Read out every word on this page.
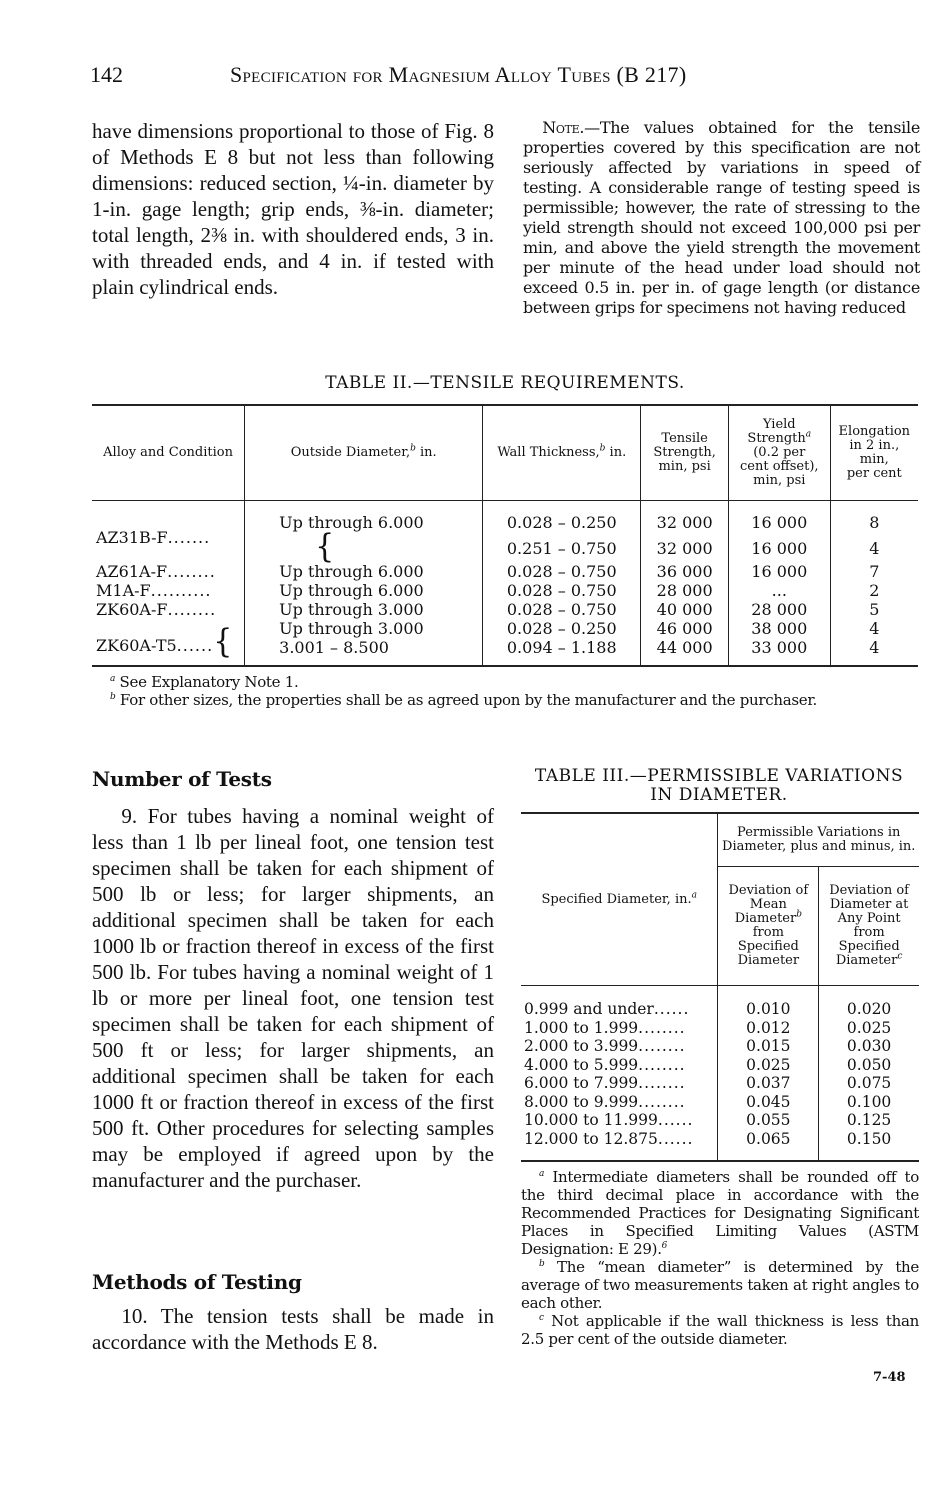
142	Specification for Magnesium Alloy Tubes (B 217)
have dimensions proportional to those of Fig. 8 of Methods E 8 but not less than following dimensions: reduced section, ¼-in. diameter by 1-in. gage length; grip ends, ⅜-in. diameter; total length, 2⅜ in. with shouldered ends, 3 in. with threaded ends, and 4 in. if tested with plain cylindrical ends.
Note.—The values obtained for the tensile properties covered by this specification are not seriously affected by variations in speed of testing. A considerable range of testing speed is permissible; however, the rate of stressing to the yield strength should not exceed 100,000 psi per min, and above the yield strength the movement per minute of the head under load should not exceed 0.5 in. per in. of gage length (or distance between grips for specimens not having reduced
TABLE II.—TENSILE REQUIREMENTS.
Alloy and Condition	Outside Diameter,$^b$ in.	Wall Thickness,$^b$ in.	Tensile
Strength,
min, psi	Yield
Strength$^a$
(0.2 per
cent offset),
min, psi	Elongation
in 2 in.,
min,
per cent
AZ31B-F.......	Up through 6.000{	0.028 – 0.250	32 000	16 000	8
		0.251 – 0.750	32 000	16 000	4
AZ61A-F........	Up through 6.000	0.028 – 0.750	36 000	16 000	7
M1A-F..........	Up through 6.000	0.028 – 0.750	28 000	...	2
ZK60A-F........	Up through 3.000	0.028 – 0.750	40 000	28 000	5
ZK60A-T5......{	Up through 3.000	0.028 – 0.250	46 000	38 000	4
	3.001 – 8.500	0.094 – 1.188	44 000	33 000	4
$^a$ See Explanatory Note 1.
$^b$ For other sizes, the properties shall be as agreed upon by the manufacturer and the purchaser.
Number of Tests
9. For tubes having a nominal weight of less than 1 lb per lineal foot, one tension test specimen shall be taken for each shipment of 500 lb or less; for larger shipments, an additional specimen shall be taken for each 1000 lb or fraction thereof in excess of the first 500 lb. For tubes having a nominal weight of 1 lb or more per lineal foot, one tension test specimen shall be taken for each shipment of 500 ft or less; for larger shipments, an additional specimen shall be taken for each 1000 ft or fraction thereof in excess of the first 500 ft. Other procedures for selecting samples may be employed if agreed upon by the manufacturer and the purchaser.
Methods of Testing
10. The tension tests shall be made in accordance with the Methods E 8.
TABLE III.—PERMISSIBLE VARIATIONS
IN DIAMETER.
Specified Diameter, in.$^a$	Permissible Variations in Diameter, plus and minus, in.	
Deviation of
Mean
Diameter$^b$
from
Specified
Diameter	Deviation of
Diameter at
Any Point
from
Specified
Diameter$^c$
0.999 and under......	0.010	0.020
1.000 to 1.999........	0.012	0.025
2.000 to 3.999........	0.015	0.030
4.000 to 5.999........	0.025	0.050
6.000 to 7.999........	0.037	0.075
8.000 to 9.999........	0.045	0.100
10.000 to 11.999......	0.055	0.125
12.000 to 12.875......	0.065	0.150
$^a$ Intermediate diameters shall be rounded off to the third decimal place in accordance with the Recommended Practices for Designating Significant Places in Specified Limiting Values (ASTM Designation: E 29).$^6$
$^b$ The “mean diameter” is determined by the average of two measurements taken at right angles to each other.
$^c$ Not applicable if the wall thickness is less than 2.5 per cent of the outside diameter.
7-48
